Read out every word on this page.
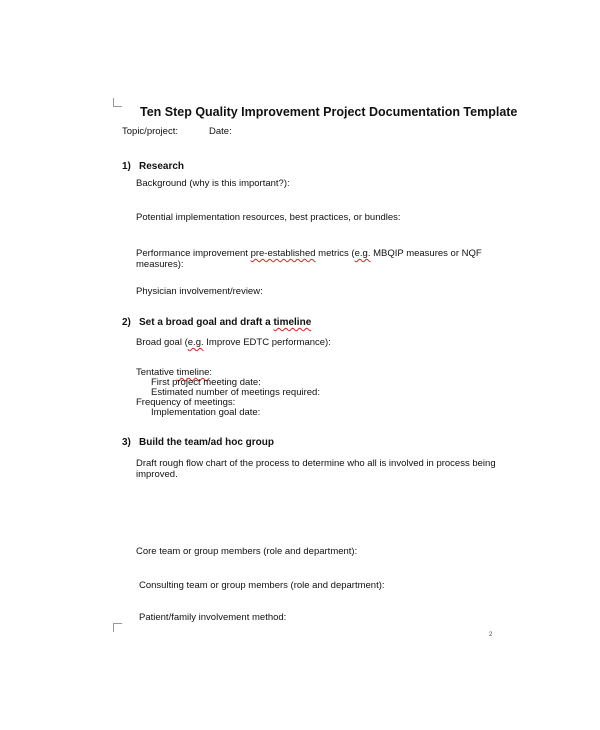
Ten Step Quality Improvement Project Documentation Template
Topic/project:	Date:
1) Research
Background (why is this important?):
Potential implementation resources, best practices, or bundles:
Performance improvement pre-established metrics (e.g. MBQIP measures or NQF
measures):
Physician involvement/review:
2) Set a broad goal and draft a timeline
Broad goal (e.g. Improve EDTC performance):
Tentative timeline:
First project meeting date:
Estimated number of meetings required:
Frequency of meetings:
Implementation goal date:
3) Build the team/ad hoc group
Draft rough flow chart of the process to determine who all is involved in process being
improved.
Core team or group members (role and department):
Consulting team or group members (role and department):
Patient/family involvement method:
2
